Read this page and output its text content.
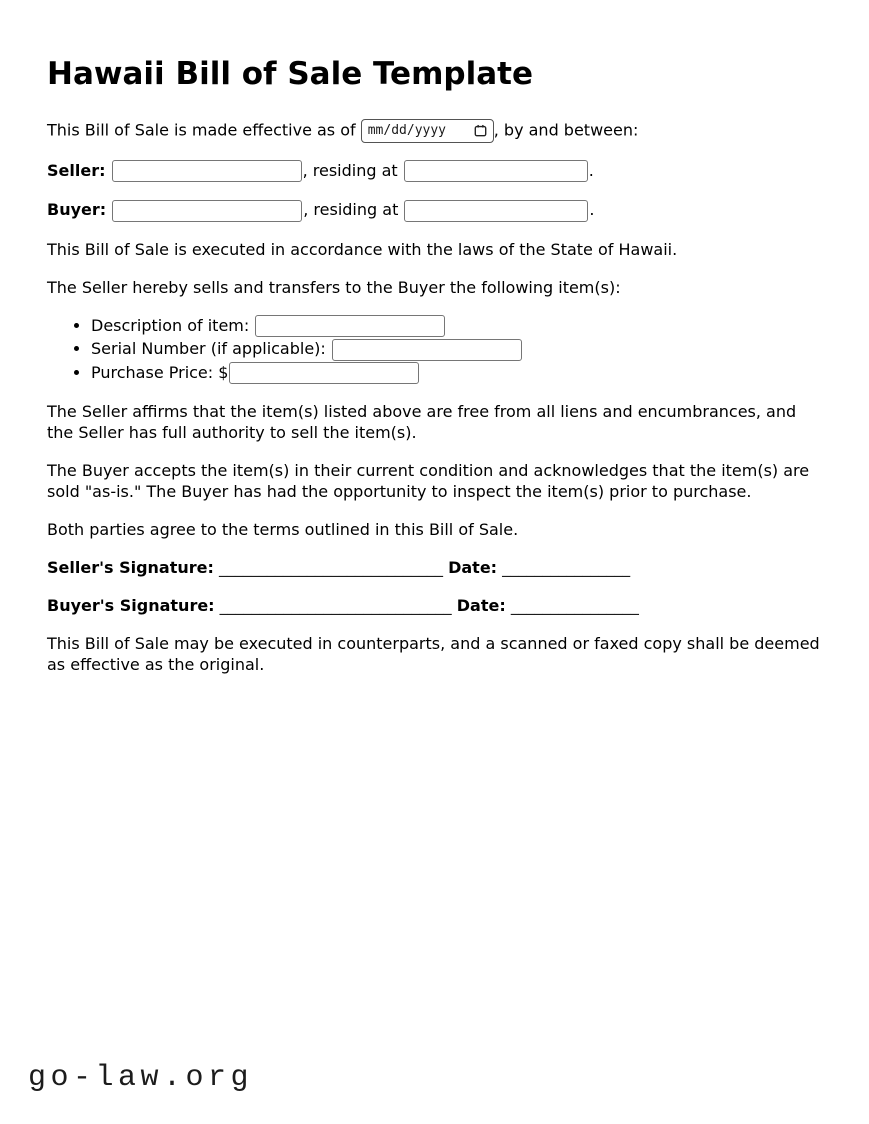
Hawaii Bill of Sale Template

This Bill of Sale is made effective as of mm/dd/yyyy	, by and between:

Seller:	, residing at	.

Buyer:	, residing at	.

This Bill of Sale is executed in accordance with the laws of the State of Hawaii.

The Seller hereby sells and transfers to the Buyer the following item(s):

• Description of item:
• Serial Number (if applicable):
• Purchase Price: $

The Seller affirms that the item(s) listed above are free from all liens and encumbrances, and the Seller has full authority to sell the item(s).

The Buyer accepts the item(s) in their current condition and acknowledges that the item(s) are sold "as-is." The Buyer has had the opportunity to inspect the item(s) prior to purchase.

Both parties agree to the terms outlined in this Bill of Sale.

Seller's Signature: ____________________________ Date: ________________

Buyer's Signature: _____________________________ Date: ________________

This Bill of Sale may be executed in counterparts, and a scanned or faxed copy shall be deemed as effective as the original.

go-law.org
